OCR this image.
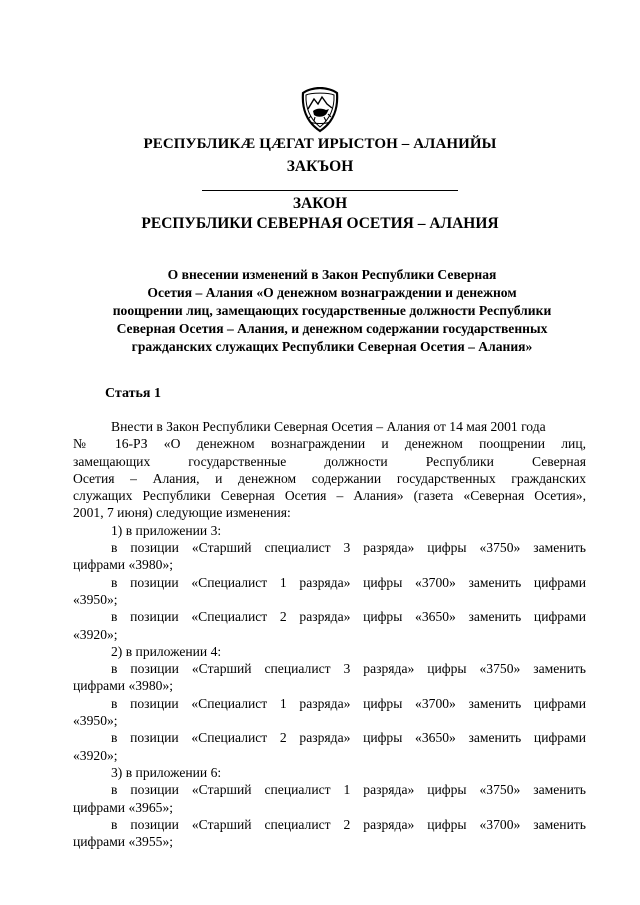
РЕСПУБЛИКÆ ЦÆГАТ ИРЫСТОН – АЛАНИЙЫ
ЗАКЪОН
ЗАКОН
РЕСПУБЛИКИ СЕВЕРНАЯ ОСЕТИЯ – АЛАНИЯ
О внесении изменений в Закон Республики Северная
Осетия – Алания «О денежном вознаграждении и денежном
поощрении лиц, замещающих государственные должности Республики
Северная Осетия – Алания, и денежном содержании государственных
гражданских служащих Республики Северная Осетия – Алания»
Статья 1
Внести в Закон Республики Северная Осетия – Алания от 14 мая 2001 года
№ 16-РЗ «О денежном вознаграждении и денежном поощрении лиц,
замещающих государственные должности Республики Северная
Осетия – Алания, и денежном содержании государственных гражданских
служащих Республики Северная Осетия – Алания» (газета «Северная Осетия»,
2001, 7 июня) следующие изменения:
1) в приложении 3:
в позиции «Старший специалист 3 разряда» цифры «3750» заменить
цифрами «3980»;
в позиции «Специалист 1 разряда» цифры «3700» заменить цифрами
«3950»;
в позиции «Специалист 2 разряда» цифры «3650» заменить цифрами
«3920»;
2) в приложении 4:
в позиции «Старший специалист 3 разряда» цифры «3750» заменить
цифрами «3980»;
в позиции «Специалист 1 разряда» цифры «3700» заменить цифрами
«3950»;
в позиции «Специалист 2 разряда» цифры «3650» заменить цифрами
«3920»;
3) в приложении 6:
в позиции «Старший специалист 1 разряда» цифры «3750» заменить
цифрами «3965»;
в позиции «Старший специалист 2 разряда» цифры «3700» заменить
цифрами «3955»;
